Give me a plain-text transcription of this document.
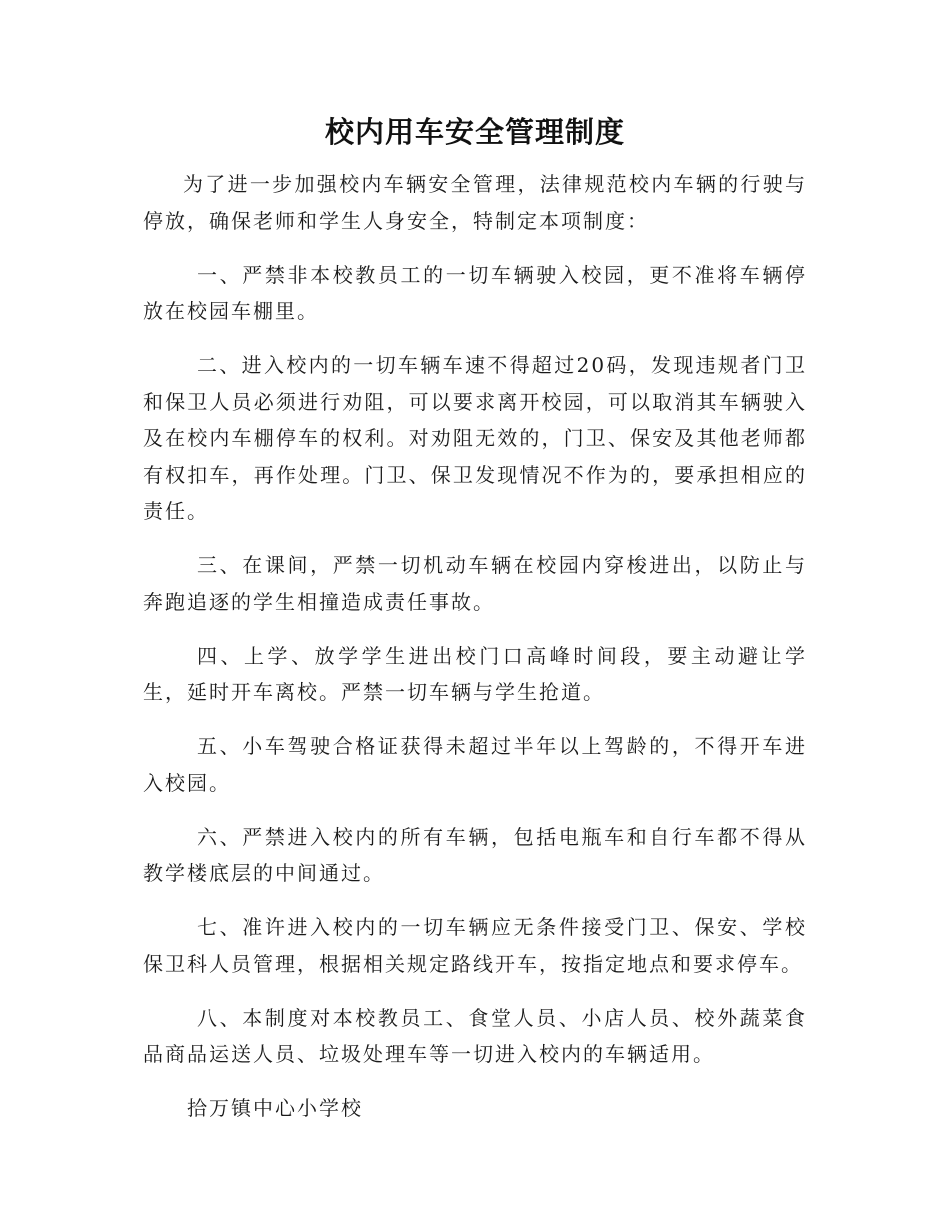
校内用车安全管理制度

为了进一步加强校内车辆安全管理，法律规范校内车辆的行驶与停放，确保老师和学生人身安全，特制定本项制度：

一、严禁非本校教员工的一切车辆驶入校园，更不准将车辆停放在校园车棚里。

二、进入校内的一切车辆车速不得超过20码，发现违规者门卫和保卫人员必须进行劝阻，可以要求离开校园，可以取消其车辆驶入及在校内车棚停车的权利。对劝阻无效的，门卫、保安及其他老师都有权扣车，再作处理。门卫、保卫发现情况不作为的，要承担相应的责任。

三、在课间，严禁一切机动车辆在校园内穿梭进出，以防止与奔跑追逐的学生相撞造成责任事故。

四、上学、放学学生进出校门口高峰时间段，要主动避让学生，延时开车离校。严禁一切车辆与学生抢道。

五、小车驾驶合格证获得未超过半年以上驾龄的，不得开车进入校园。

六、严禁进入校内的所有车辆，包括电瓶车和自行车都不得从教学楼底层的中间通过。

七、准许进入校内的一切车辆应无条件接受门卫、保安、学校保卫科人员管理，根据相关规定路线开车，按指定地点和要求停车。

八、本制度对本校教员工、食堂人员、小店人员、校外蔬菜食品商品运送人员、垃圾处理车等一切进入校内的车辆适用。

拾万镇中心小学校
